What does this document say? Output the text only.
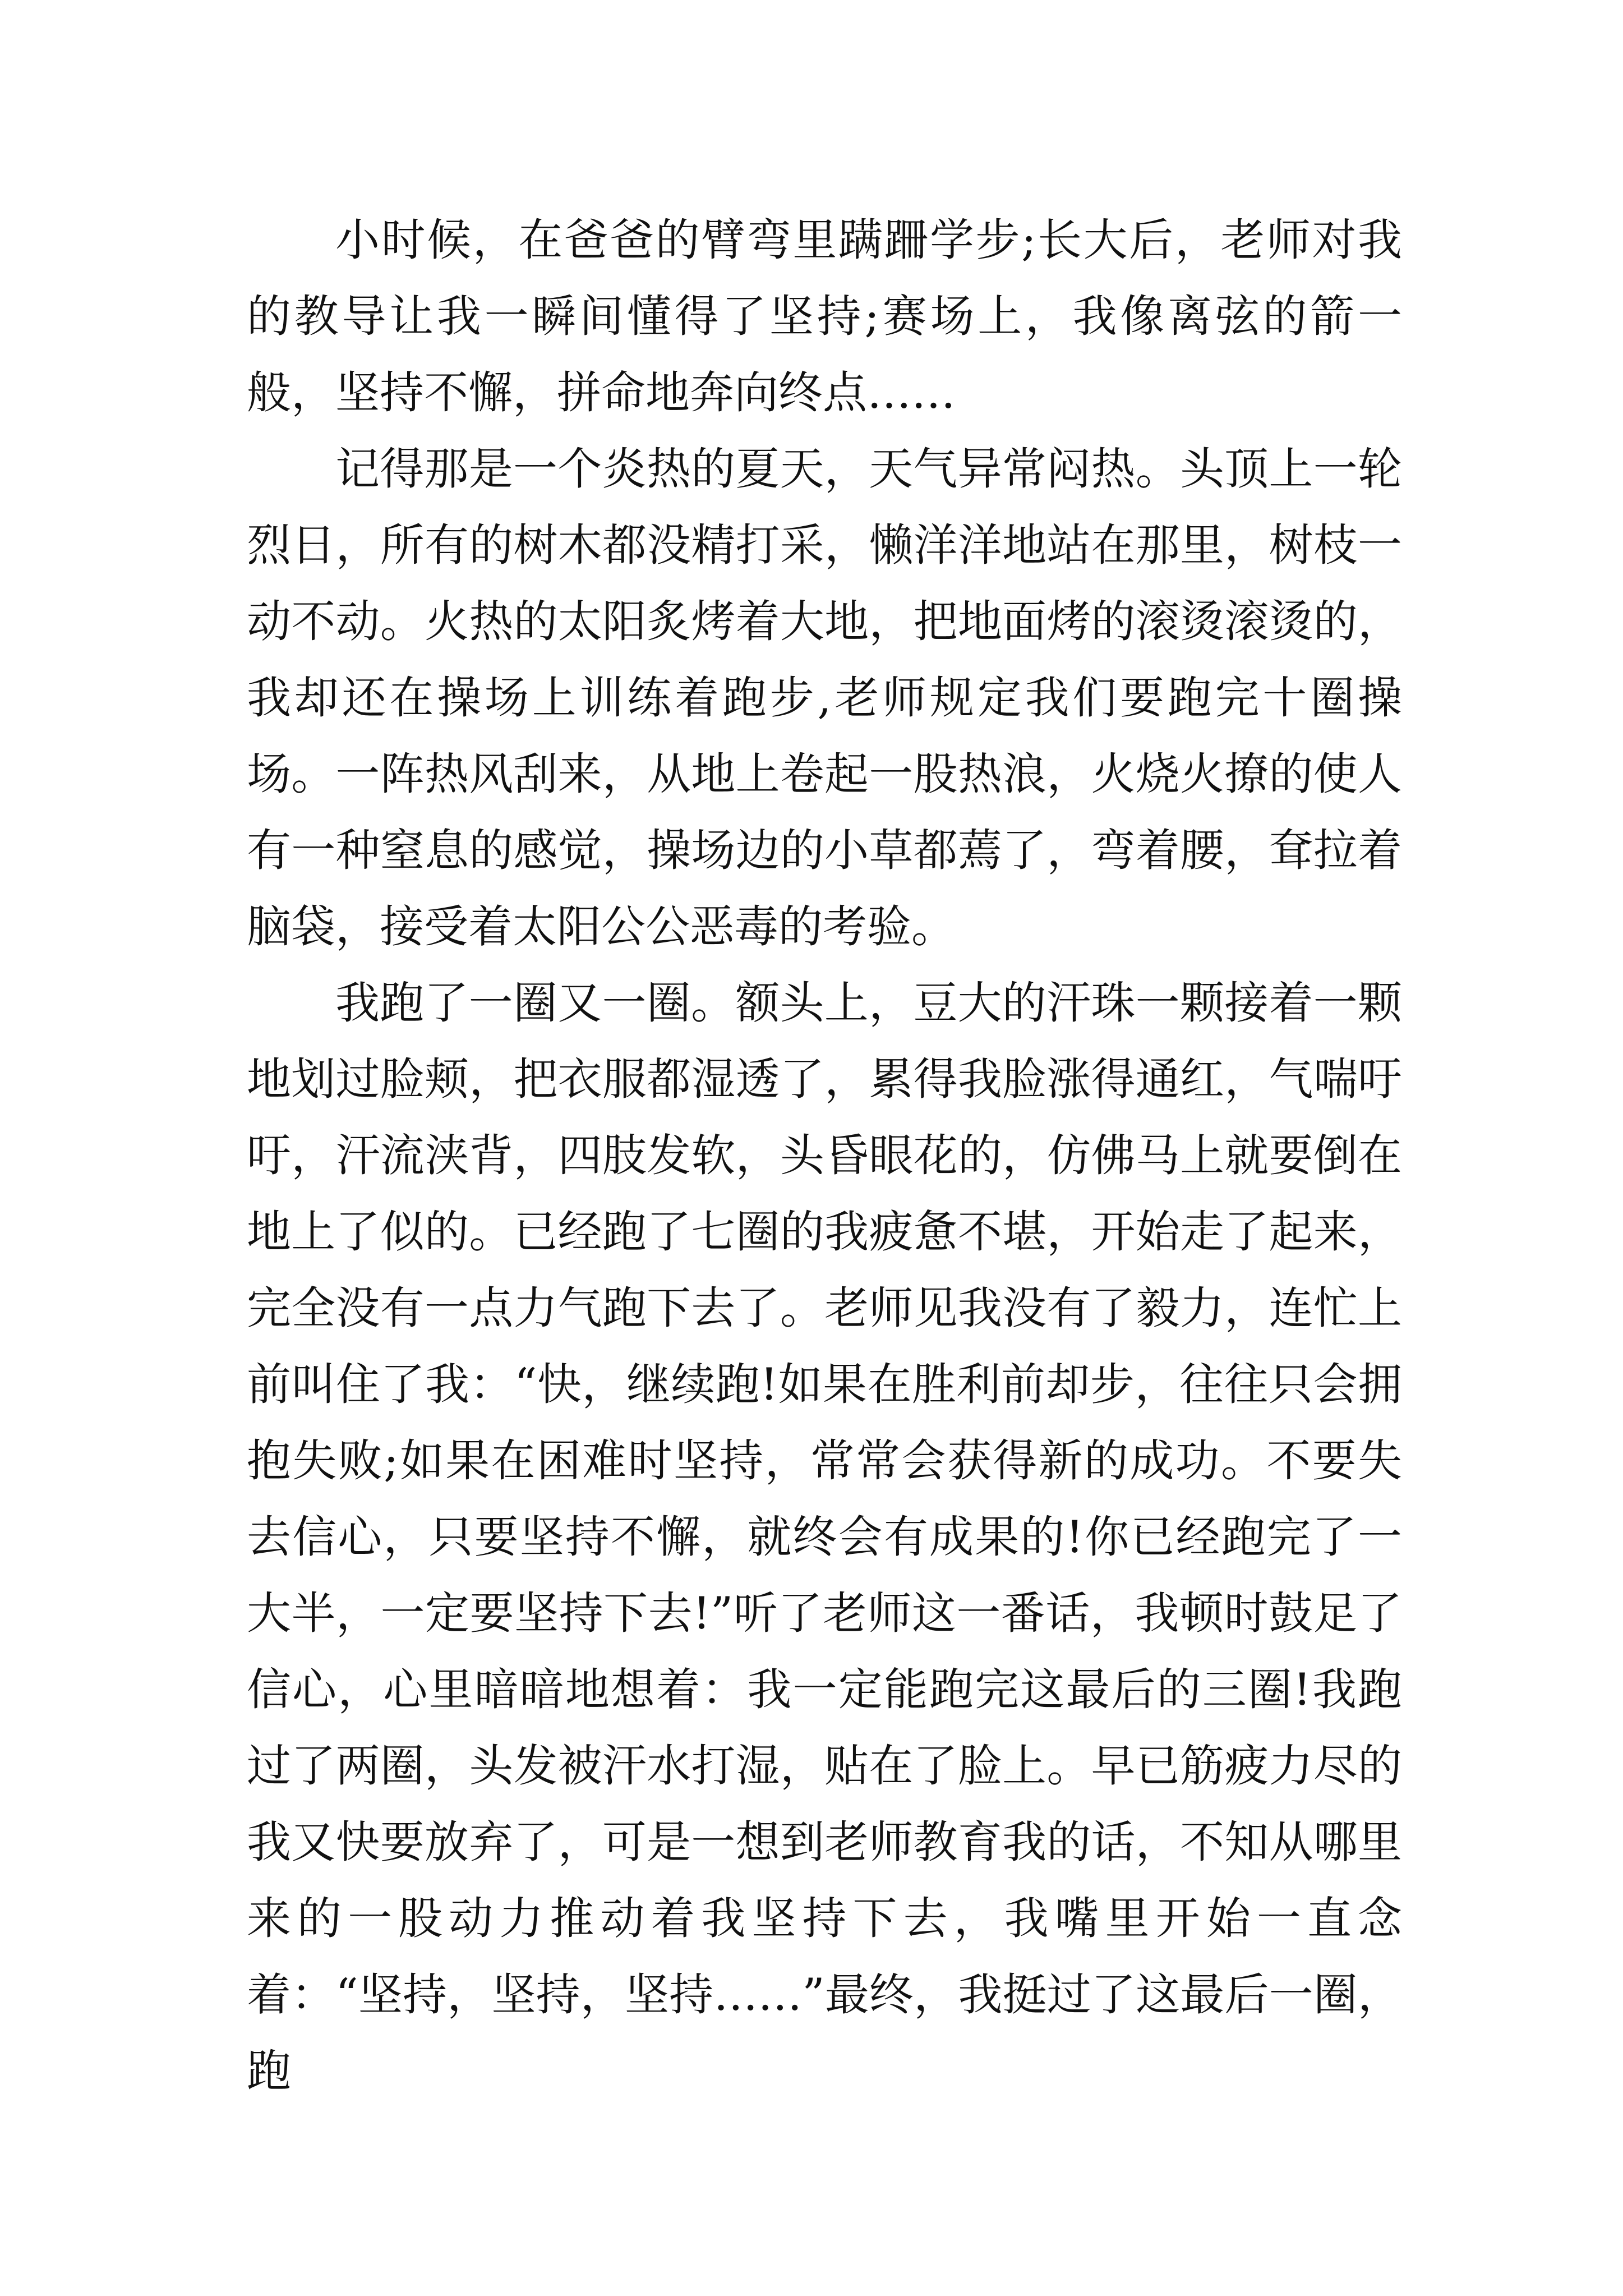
小时候，在爸爸的臂弯里蹒跚学步;长大后，老师对我的教导让我一瞬间懂得了坚持;赛场上，我像离弦的箭一般，坚持不懈，拼命地奔向终点……

记得那是一个炎热的夏天，天气异常闷热。头顶上一轮烈日，所有的树木都没精打采，懒洋洋地站在那里，树枝一动不动。火热的太阳炙烤着大地，把地面烤的滚烫滚烫的，我却还在操场上训练着跑步,老师规定我们要跑完十圈操场。一阵热风刮来，从地上卷起一股热浪，火烧火撩的使人有一种窒息的感觉，操场边的小草都蔫了，弯着腰，耷拉着脑袋，接受着太阳公公恶毒的考验。

我跑了一圈又一圈。额头上，豆大的汗珠一颗接着一颗地划过脸颊，把衣服都湿透了，累得我脸涨得通红，气喘吁吁，汗流浃背，四肢发软，头昏眼花的，仿佛马上就要倒在地上了似的。已经跑了七圈的我疲惫不堪，开始走了起来，完全没有一点力气跑下去了。老师见我没有了毅力，连忙上前叫住了我：“快，继续跑!如果在胜利前却步，往往只会拥抱失败;如果在困难时坚持，常常会获得新的成功。不要失去信心，只要坚持不懈，就终会有成果的!你已经跑完了一大半，一定要坚持下去!”听了老师这一番话，我顿时鼓足了信心，心里暗暗地想着：我一定能跑完这最后的三圈!我跑过了两圈，头发被汗水打湿，贴在了脸上。早已筋疲力尽的我又快要放弃了，可是一想到老师教育我的话，不知从哪里来的一股动力推动着我坚持下去，我嘴里开始一直念着：“坚持，坚持，坚持……”最终，我挺过了这最后一圈，跑
